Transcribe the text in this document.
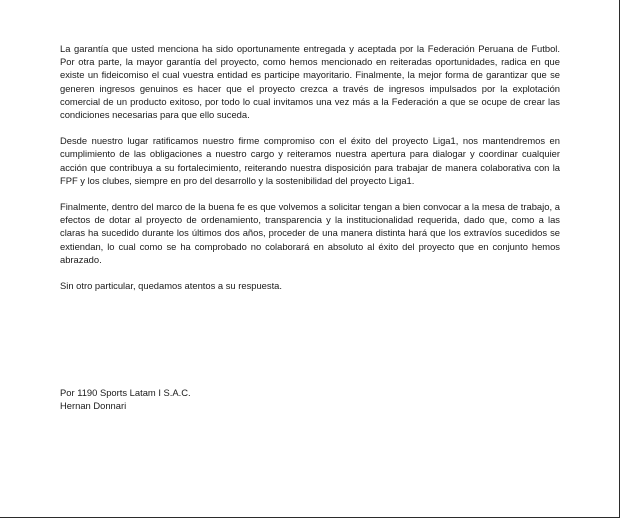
La garantía que usted menciona ha sido oportunamente entregada y aceptada por la Federación Peruana de Futbol. Por otra parte, la mayor garantía del proyecto, como hemos mencionado en reiteradas oportunidades, radica en que existe un fideicomiso el cual vuestra entidad es participe mayoritario. Finalmente, la mejor forma de garantizar que se generen ingresos genuinos es hacer que el proyecto crezca a través de ingresos impulsados por la explotación comercial de un producto exitoso, por todo lo cual invitamos una vez más a la Federación a que se ocupe de crear las condiciones necesarias para que ello suceda.

Desde nuestro lugar ratificamos nuestro firme compromiso con el éxito del proyecto Liga1, nos mantendremos en cumplimiento de las obligaciones a nuestro cargo y reiteramos nuestra apertura para dialogar y coordinar cualquier acción que contribuya a su fortalecimiento, reiterando nuestra disposición para trabajar de manera colaborativa con la FPF y los clubes, siempre en pro del desarrollo y la sostenibilidad del proyecto Liga1.

Finalmente, dentro del marco de la buena fe es que volvemos a solicitar tengan a bien convocar a la mesa de trabajo, a efectos de dotar al proyecto de ordenamiento, transparencia y la institucionalidad requerida, dado que, como a las claras ha sucedido durante los últimos dos años, proceder de una manera distinta hará que los extravíos sucedidos se extiendan, lo cual como se ha comprobado no colaborará en absoluto al éxito del proyecto que en conjunto hemos abrazado.

Sin otro particular, quedamos atentos a su respuesta.

Por 1190 Sports Latam I S.A.C.
Hernan Donnari
